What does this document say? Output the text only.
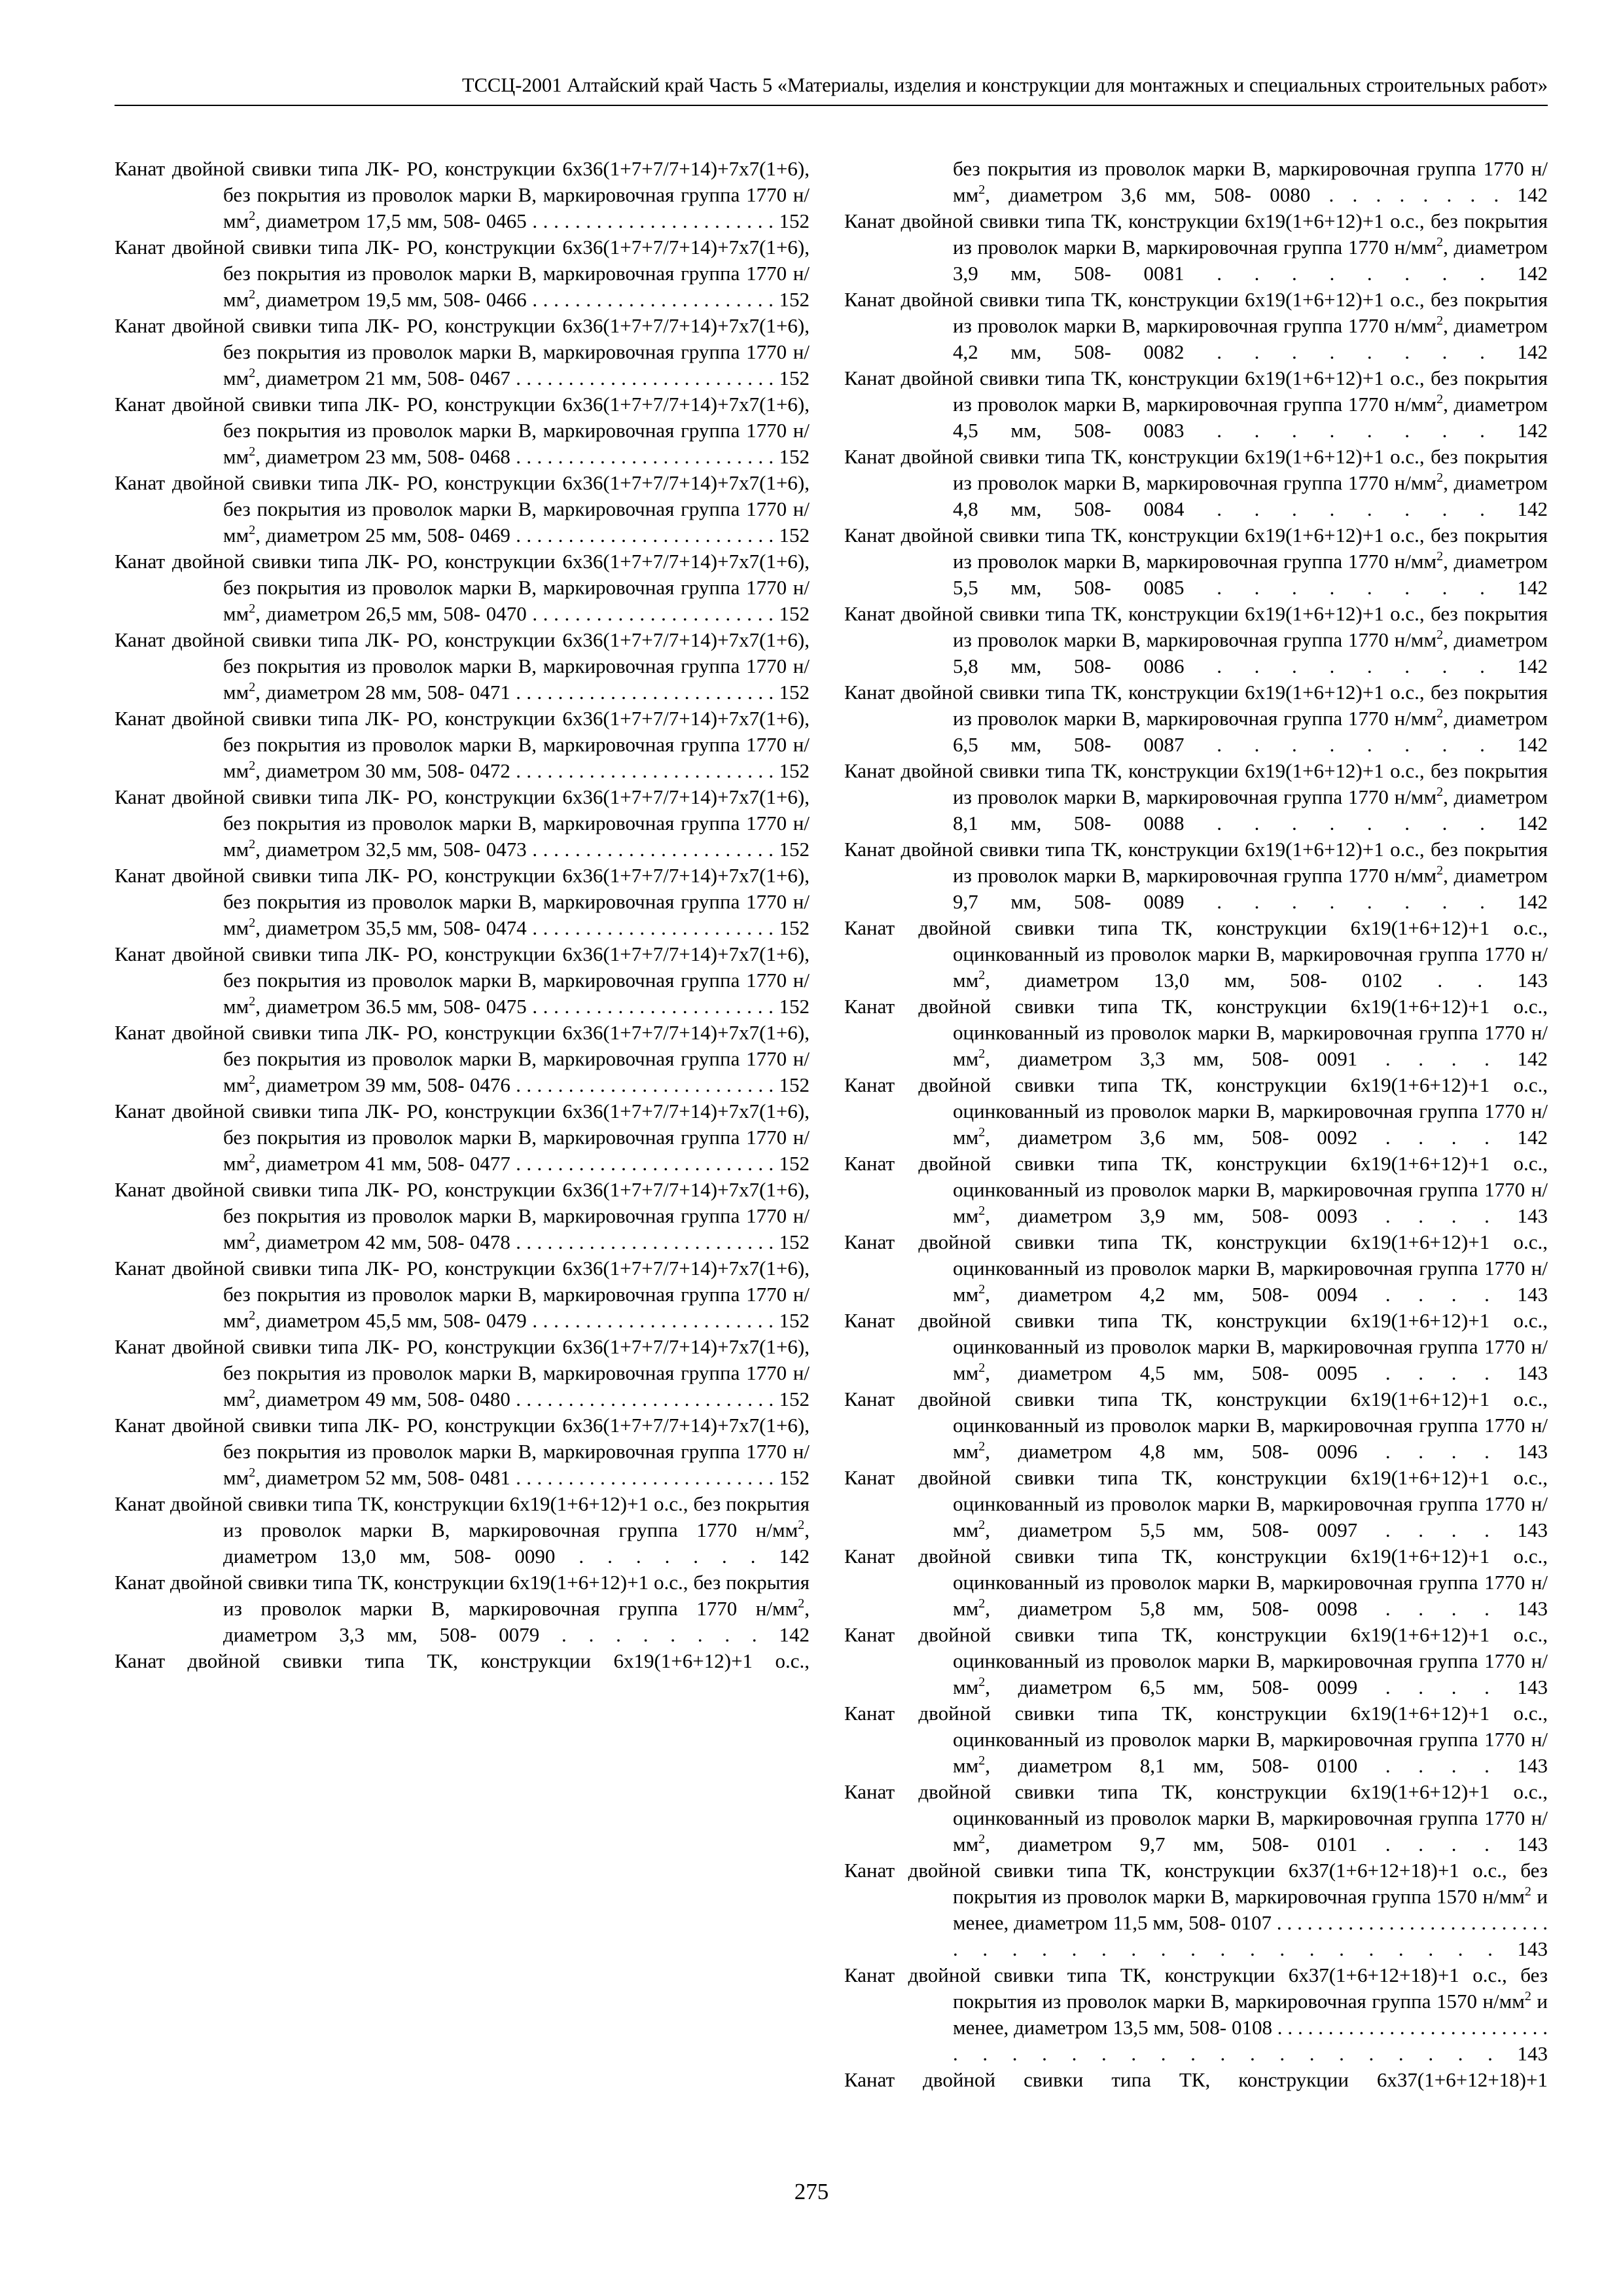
ТССЦ-2001 Алтайский край Часть 5 «Материалы, изделия и конструкции для монтажных и специальных строительных работ»
Канат двойной свивки типа ЛК- РО, конструкции 6х36(1+7+7/7+14)+7х7(1+6), без покрытия из проволок марки В, маркировочная группа 1770 $н/мм^2$, диаметром 17,5 мм, 508- 0465 . . . . . . . . . . . . . . . . . . . . . . . 152
Канат двойной свивки типа ЛК- РО, конструкции 6х36(1+7+7/7+14)+7х7(1+6), без покрытия из проволок марки В, маркировочная группа 1770 $н/мм^2$, диаметром 19,5 мм, 508- 0466 . . . . . . . . . . . . . . . . . . . . . . . 152
Канат двойной свивки типа ЛК- РО, конструкции 6х36(1+7+7/7+14)+7х7(1+6), без покрытия из проволок марки В, маркировочная группа 1770 $н/мм^2$, диаметром 21 мм, 508- 0467 . . . . . . . . . . . . . . . . . . . . . . . . . 152
Канат двойной свивки типа ЛК- РО, конструкции 6х36(1+7+7/7+14)+7х7(1+6), без покрытия из проволок марки В, маркировочная группа 1770 $н/мм^2$, диаметром 23 мм, 508- 0468 . . . . . . . . . . . . . . . . . . . . . . . . . 152
Канат двойной свивки типа ЛК- РО, конструкции 6х36(1+7+7/7+14)+7х7(1+6), без покрытия из проволок марки В, маркировочная группа 1770 $н/мм^2$, диаметром 25 мм, 508- 0469 . . . . . . . . . . . . . . . . . . . . . . . . . 152
Канат двойной свивки типа ЛК- РО, конструкции 6х36(1+7+7/7+14)+7х7(1+6), без покрытия из проволок марки В, маркировочная группа 1770 $н/мм^2$, диаметром 26,5 мм, 508- 0470 . . . . . . . . . . . . . . . . . . . . . . . 152
Канат двойной свивки типа ЛК- РО, конструкции 6х36(1+7+7/7+14)+7х7(1+6), без покрытия из проволок марки В, маркировочная группа 1770 $н/мм^2$, диаметром 28 мм, 508- 0471 . . . . . . . . . . . . . . . . . . . . . . . . . 152
Канат двойной свивки типа ЛК- РО, конструкции 6х36(1+7+7/7+14)+7х7(1+6), без покрытия из проволок марки В, маркировочная группа 1770 $н/мм^2$, диаметром 30 мм, 508- 0472 . . . . . . . . . . . . . . . . . . . . . . . . . 152
Канат двойной свивки типа ЛК- РО, конструкции 6х36(1+7+7/7+14)+7х7(1+6), без покрытия из проволок марки В, маркировочная группа 1770 $н/мм^2$, диаметром 32,5 мм, 508- 0473 . . . . . . . . . . . . . . . . . . . . . . . 152
Канат двойной свивки типа ЛК- РО, конструкции 6х36(1+7+7/7+14)+7х7(1+6), без покрытия из проволок марки В, маркировочная группа 1770 $н/мм^2$, диаметром 35,5 мм, 508- 0474 . . . . . . . . . . . . . . . . . . . . . . . 152
Канат двойной свивки типа ЛК- РО, конструкции 6х36(1+7+7/7+14)+7х7(1+6), без покрытия из проволок марки В, маркировочная группа 1770 $н/мм^2$, диаметром 36.5 мм, 508- 0475 . . . . . . . . . . . . . . . . . . . . . . . 152
Канат двойной свивки типа ЛК- РО, конструкции 6х36(1+7+7/7+14)+7х7(1+6), без покрытия из проволок марки В, маркировочная группа 1770 $н/мм^2$, диаметром 39 мм, 508- 0476 . . . . . . . . . . . . . . . . . . . . . . . . . 152
Канат двойной свивки типа ЛК- РО, конструкции 6х36(1+7+7/7+14)+7х7(1+6), без покрытия из проволок марки В, маркировочная группа 1770 $н/мм^2$, диаметром 41 мм, 508- 0477 . . . . . . . . . . . . . . . . . . . . . . . . . 152
Канат двойной свивки типа ЛК- РО, конструкции 6х36(1+7+7/7+14)+7х7(1+6), без покрытия из проволок марки В, маркировочная группа 1770 $н/мм^2$, диаметром 42 мм, 508- 0478 . . . . . . . . . . . . . . . . . . . . . . . . . 152
Канат двойной свивки типа ЛК- РО, конструкции 6х36(1+7+7/7+14)+7х7(1+6), без покрытия из проволок марки В, маркировочная группа 1770 $н/мм^2$, диаметром 45,5 мм, 508- 0479 . . . . . . . . . . . . . . . . . . . . . . . 152
Канат двойной свивки типа ЛК- РО, конструкции 6х36(1+7+7/7+14)+7х7(1+6), без покрытия из проволок марки В, маркировочная группа 1770 $н/мм^2$, диаметром 49 мм, 508- 0480 . . . . . . . . . . . . . . . . . . . . . . . . . 152
Канат двойной свивки типа ЛК- РО, конструкции 6х36(1+7+7/7+14)+7х7(1+6), без покрытия из проволок марки В, маркировочная группа 1770 $н/мм^2$, диаметром 52 мм, 508- 0481 . . . . . . . . . . . . . . . . . . . . . . . . . 152
Канат двойной свивки типа ТК, конструкции 6х19(1+6+12)+1 о.с., без покрытия из проволок марки В, маркировочная группа 1770 $н/мм^2$, диаметром 13,0 мм, 508- 0090 . . . . . . . 142
Канат двойной свивки типа ТК, конструкции 6х19(1+6+12)+1 о.с., без покрытия из проволок марки В, маркировочная группа 1770 $н/мм^2$, диаметром 3,3 мм, 508- 0079 . . . . . . . . 142
Канат двойной свивки типа ТК, конструкции 6х19(1+6+12)+1 о.с.,
без покрытия из проволок марки В, маркировочная группа 1770 $н/мм^2$, диаметром 3,6 мм, 508- 0080 . . . . . . . . 142
Канат двойной свивки типа ТК, конструкции 6х19(1+6+12)+1 о.с., без покрытия из проволок марки В, маркировочная группа 1770 $н/мм^2$, диаметром 3,9 мм, 508- 0081 . . . . . . . . 142
Канат двойной свивки типа ТК, конструкции 6х19(1+6+12)+1 о.с., без покрытия из проволок марки В, маркировочная группа 1770 $н/мм^2$, диаметром 4,2 мм, 508- 0082 . . . . . . . . 142
Канат двойной свивки типа ТК, конструкции 6х19(1+6+12)+1 о.с., без покрытия из проволок марки В, маркировочная группа 1770 $н/мм^2$, диаметром 4,5 мм, 508- 0083 . . . . . . . . 142
Канат двойной свивки типа ТК, конструкции 6х19(1+6+12)+1 о.с., без покрытия из проволок марки В, маркировочная группа 1770 $н/мм^2$, диаметром 4,8 мм, 508- 0084 . . . . . . . . 142
Канат двойной свивки типа ТК, конструкции 6х19(1+6+12)+1 о.с., без покрытия из проволок марки В, маркировочная группа 1770 $н/мм^2$, диаметром 5,5 мм, 508- 0085 . . . . . . . . 142
Канат двойной свивки типа ТК, конструкции 6х19(1+6+12)+1 о.с., без покрытия из проволок марки В, маркировочная группа 1770 $н/мм^2$, диаметром 5,8 мм, 508- 0086 . . . . . . . . 142
Канат двойной свивки типа ТК, конструкции 6х19(1+6+12)+1 о.с., без покрытия из проволок марки В, маркировочная группа 1770 $н/мм^2$, диаметром 6,5 мм, 508- 0087 . . . . . . . . 142
Канат двойной свивки типа ТК, конструкции 6х19(1+6+12)+1 о.с., без покрытия из проволок марки В, маркировочная группа 1770 $н/мм^2$, диаметром 8,1 мм, 508- 0088 . . . . . . . . 142
Канат двойной свивки типа ТК, конструкции 6х19(1+6+12)+1 о.с., без покрытия из проволок марки В, маркировочная группа 1770 $н/мм^2$, диаметром 9,7 мм, 508- 0089 . . . . . . . . 142
Канат двойной свивки типа ТК, конструкции 6х19(1+6+12)+1 о.с., оцинкованный из проволок марки В, маркировочная группа 1770 $н/мм^2$, диаметром 13,0 мм, 508- 0102 . . 143
Канат двойной свивки типа ТК, конструкции 6х19(1+6+12)+1 о.с., оцинкованный из проволок марки В, маркировочная группа 1770 $н/мм^2$, диаметром 3,3 мм, 508- 0091 . . . . 142
Канат двойной свивки типа ТК, конструкции 6х19(1+6+12)+1 о.с., оцинкованный из проволок марки В, маркировочная группа 1770 $н/мм^2$, диаметром 3,6 мм, 508- 0092 . . . . 142
Канат двойной свивки типа ТК, конструкции 6х19(1+6+12)+1 о.с., оцинкованный из проволок марки В, маркировочная группа 1770 $н/мм^2$, диаметром 3,9 мм, 508- 0093 . . . . 143
Канат двойной свивки типа ТК, конструкции 6х19(1+6+12)+1 о.с., оцинкованный из проволок марки В, маркировочная группа 1770 $н/мм^2$, диаметром 4,2 мм, 508- 0094 . . . . 143
Канат двойной свивки типа ТК, конструкции 6х19(1+6+12)+1 о.с., оцинкованный из проволок марки В, маркировочная группа 1770 $н/мм^2$, диаметром 4,5 мм, 508- 0095 . . . . 143
Канат двойной свивки типа ТК, конструкции 6х19(1+6+12)+1 о.с., оцинкованный из проволок марки В, маркировочная группа 1770 $н/мм^2$, диаметром 4,8 мм, 508- 0096 . . . . 143
Канат двойной свивки типа ТК, конструкции 6х19(1+6+12)+1 о.с., оцинкованный из проволок марки В, маркировочная группа 1770 $н/мм^2$, диаметром 5,5 мм, 508- 0097 . . . . 143
Канат двойной свивки типа ТК, конструкции 6х19(1+6+12)+1 о.с., оцинкованный из проволок марки В, маркировочная группа 1770 $н/мм^2$, диаметром 5,8 мм, 508- 0098 . . . . 143
Канат двойной свивки типа ТК, конструкции 6х19(1+6+12)+1 о.с., оцинкованный из проволок марки В, маркировочная группа 1770 $н/мм^2$, диаметром 6,5 мм, 508- 0099 . . . . 143
Канат двойной свивки типа ТК, конструкции 6х19(1+6+12)+1 о.с., оцинкованный из проволок марки В, маркировочная группа 1770 $н/мм^2$, диаметром 8,1 мм, 508- 0100 . . . . 143
Канат двойной свивки типа ТК, конструкции 6х19(1+6+12)+1 о.с., оцинкованный из проволок марки В, маркировочная группа 1770 $н/мм^2$, диаметром 9,7 мм, 508- 0101 . . . . 143
Канат двойной свивки типа ТК, конструкции 6х37(1+6+12+18)+1 о.с., без покрытия из проволок марки В, маркировочная группа 1570 $н/мм^2$ и менее, диаметром 11,5 мм, 508- 0107 . . . . . . . . . . . . . . . . . . . . . . . . . . . . . . . . . . . . . . . . . . . . . . 143
Канат двойной свивки типа ТК, конструкции 6х37(1+6+12+18)+1 о.с., без покрытия из проволок марки В, маркировочная группа 1570 $н/мм^2$ и менее, диаметром 13,5 мм, 508- 0108 . . . . . . . . . . . . . . . . . . . . . . . . . . . . . . . . . . . . . . . . . . . . . . 143
Канат двойной свивки типа ТК, конструкции 6х37(1+6+12+18)+1
275
